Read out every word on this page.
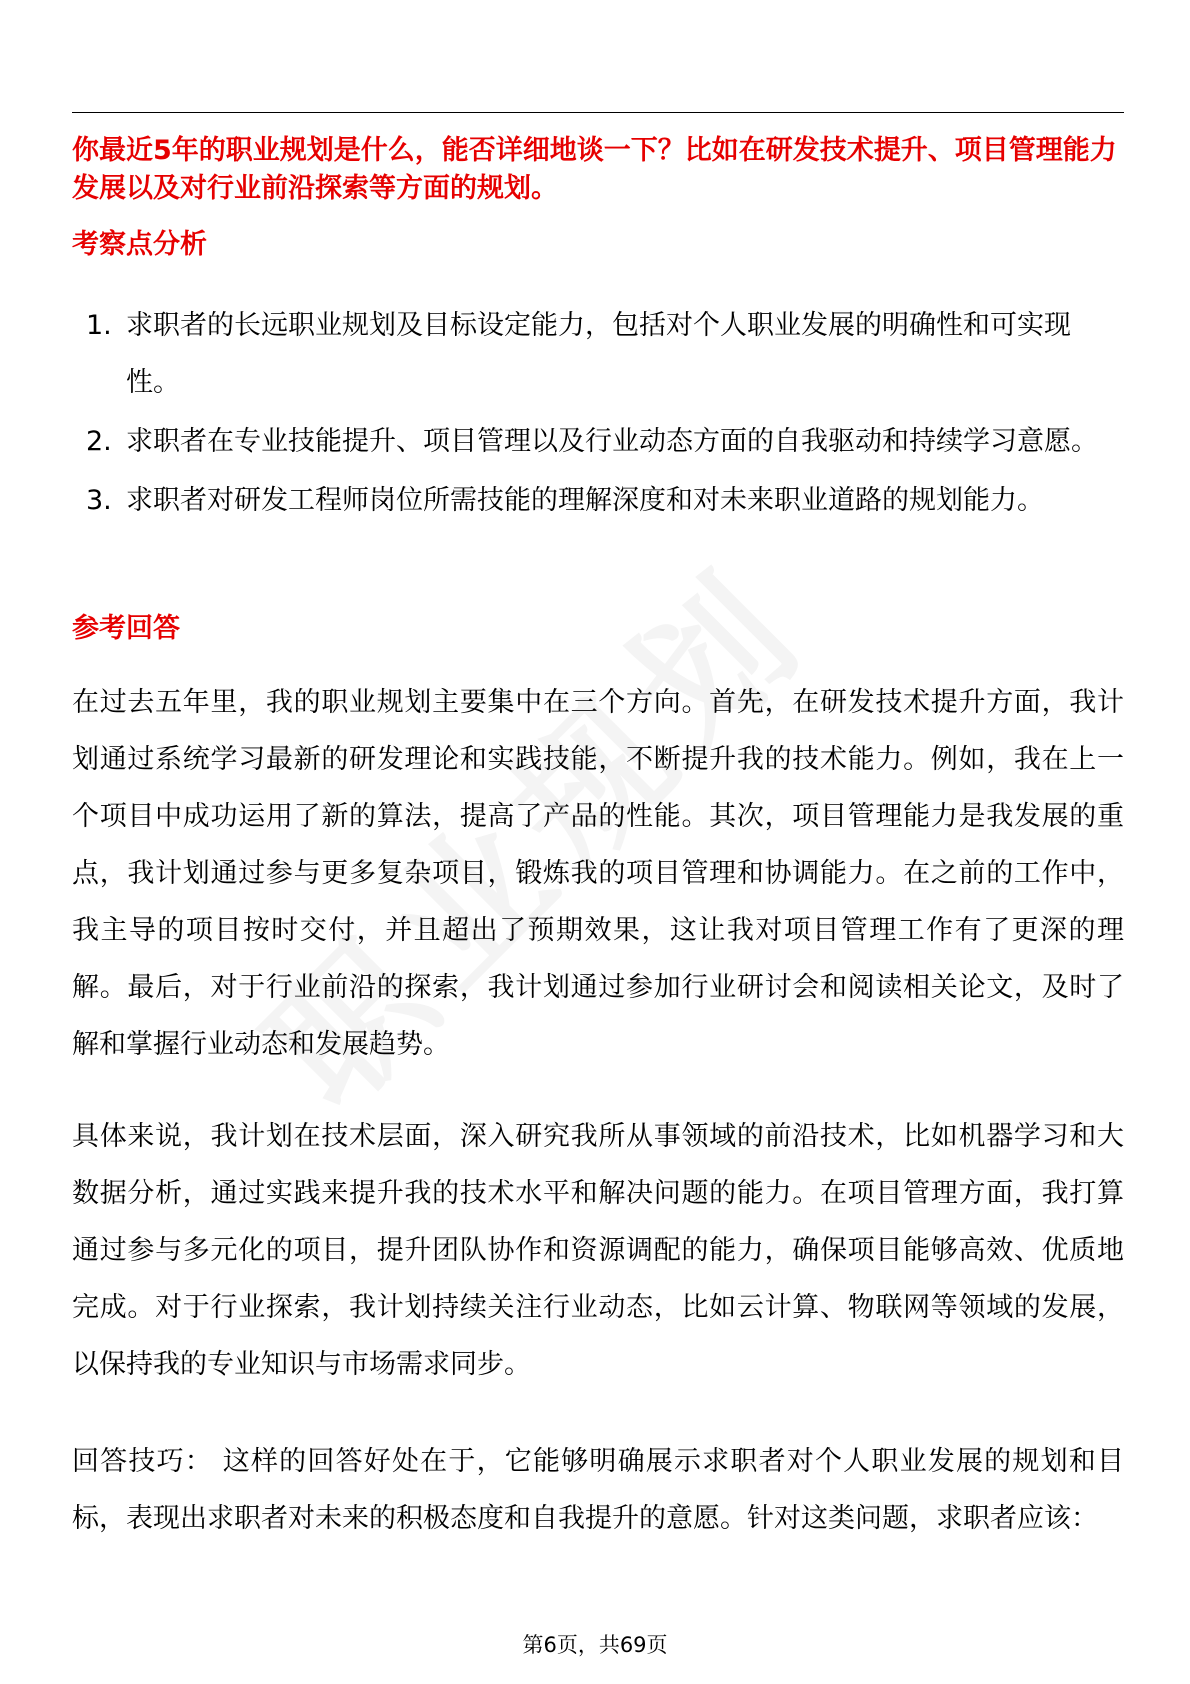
你最近5年的职业规划是什么，能否详细地谈一下？比如在研发技术提升、项目管理能力发展以及对行业前沿探索等方面的规划。
考察点分析
1. 求职者的长远职业规划及目标设定能力，包括对个人职业发展的明确性和可实现性。
2. 求职者在专业技能提升、项目管理以及行业动态方面的自我驱动和持续学习意愿。
3. 求职者对研发工程师岗位所需技能的理解深度和对未来职业道路的规划能力。
参考回答
在过去五年里，我的职业规划主要集中在三个方向。首先，在研发技术提升方面，我计划通过系统学习最新的研发理论和实践技能，不断提升我的技术能力。例如，我在上一个项目中成功运用了新的算法，提高了产品的性能。其次，项目管理能力是我发展的重点，我计划通过参与更多复杂项目，锻炼我的项目管理和协调能力。在之前的工作中，我主导的项目按时交付，并且超出了预期效果，这让我对项目管理工作有了更深的理解。最后，对于行业前沿的探索，我计划通过参加行业研讨会和阅读相关论文，及时了解和掌握行业动态和发展趋势。
具体来说，我计划在技术层面，深入研究我所从事领域的前沿技术，比如机器学习和大数据分析，通过实践来提升我的技术水平和解决问题的能力。在项目管理方面，我打算通过参与多元化的项目，提升团队协作和资源调配的能力，确保项目能够高效、优质地完成。对于行业探索，我计划持续关注行业动态，比如云计算、物联网等领域的发展，以保持我的专业知识与市场需求同步。
回答技巧： 这样的回答好处在于，它能够明确展示求职者对个人职业发展的规划和目标，表现出求职者对未来的积极态度和自我提升的意愿。针对这类问题，求职者应该：
第6页，共69页
